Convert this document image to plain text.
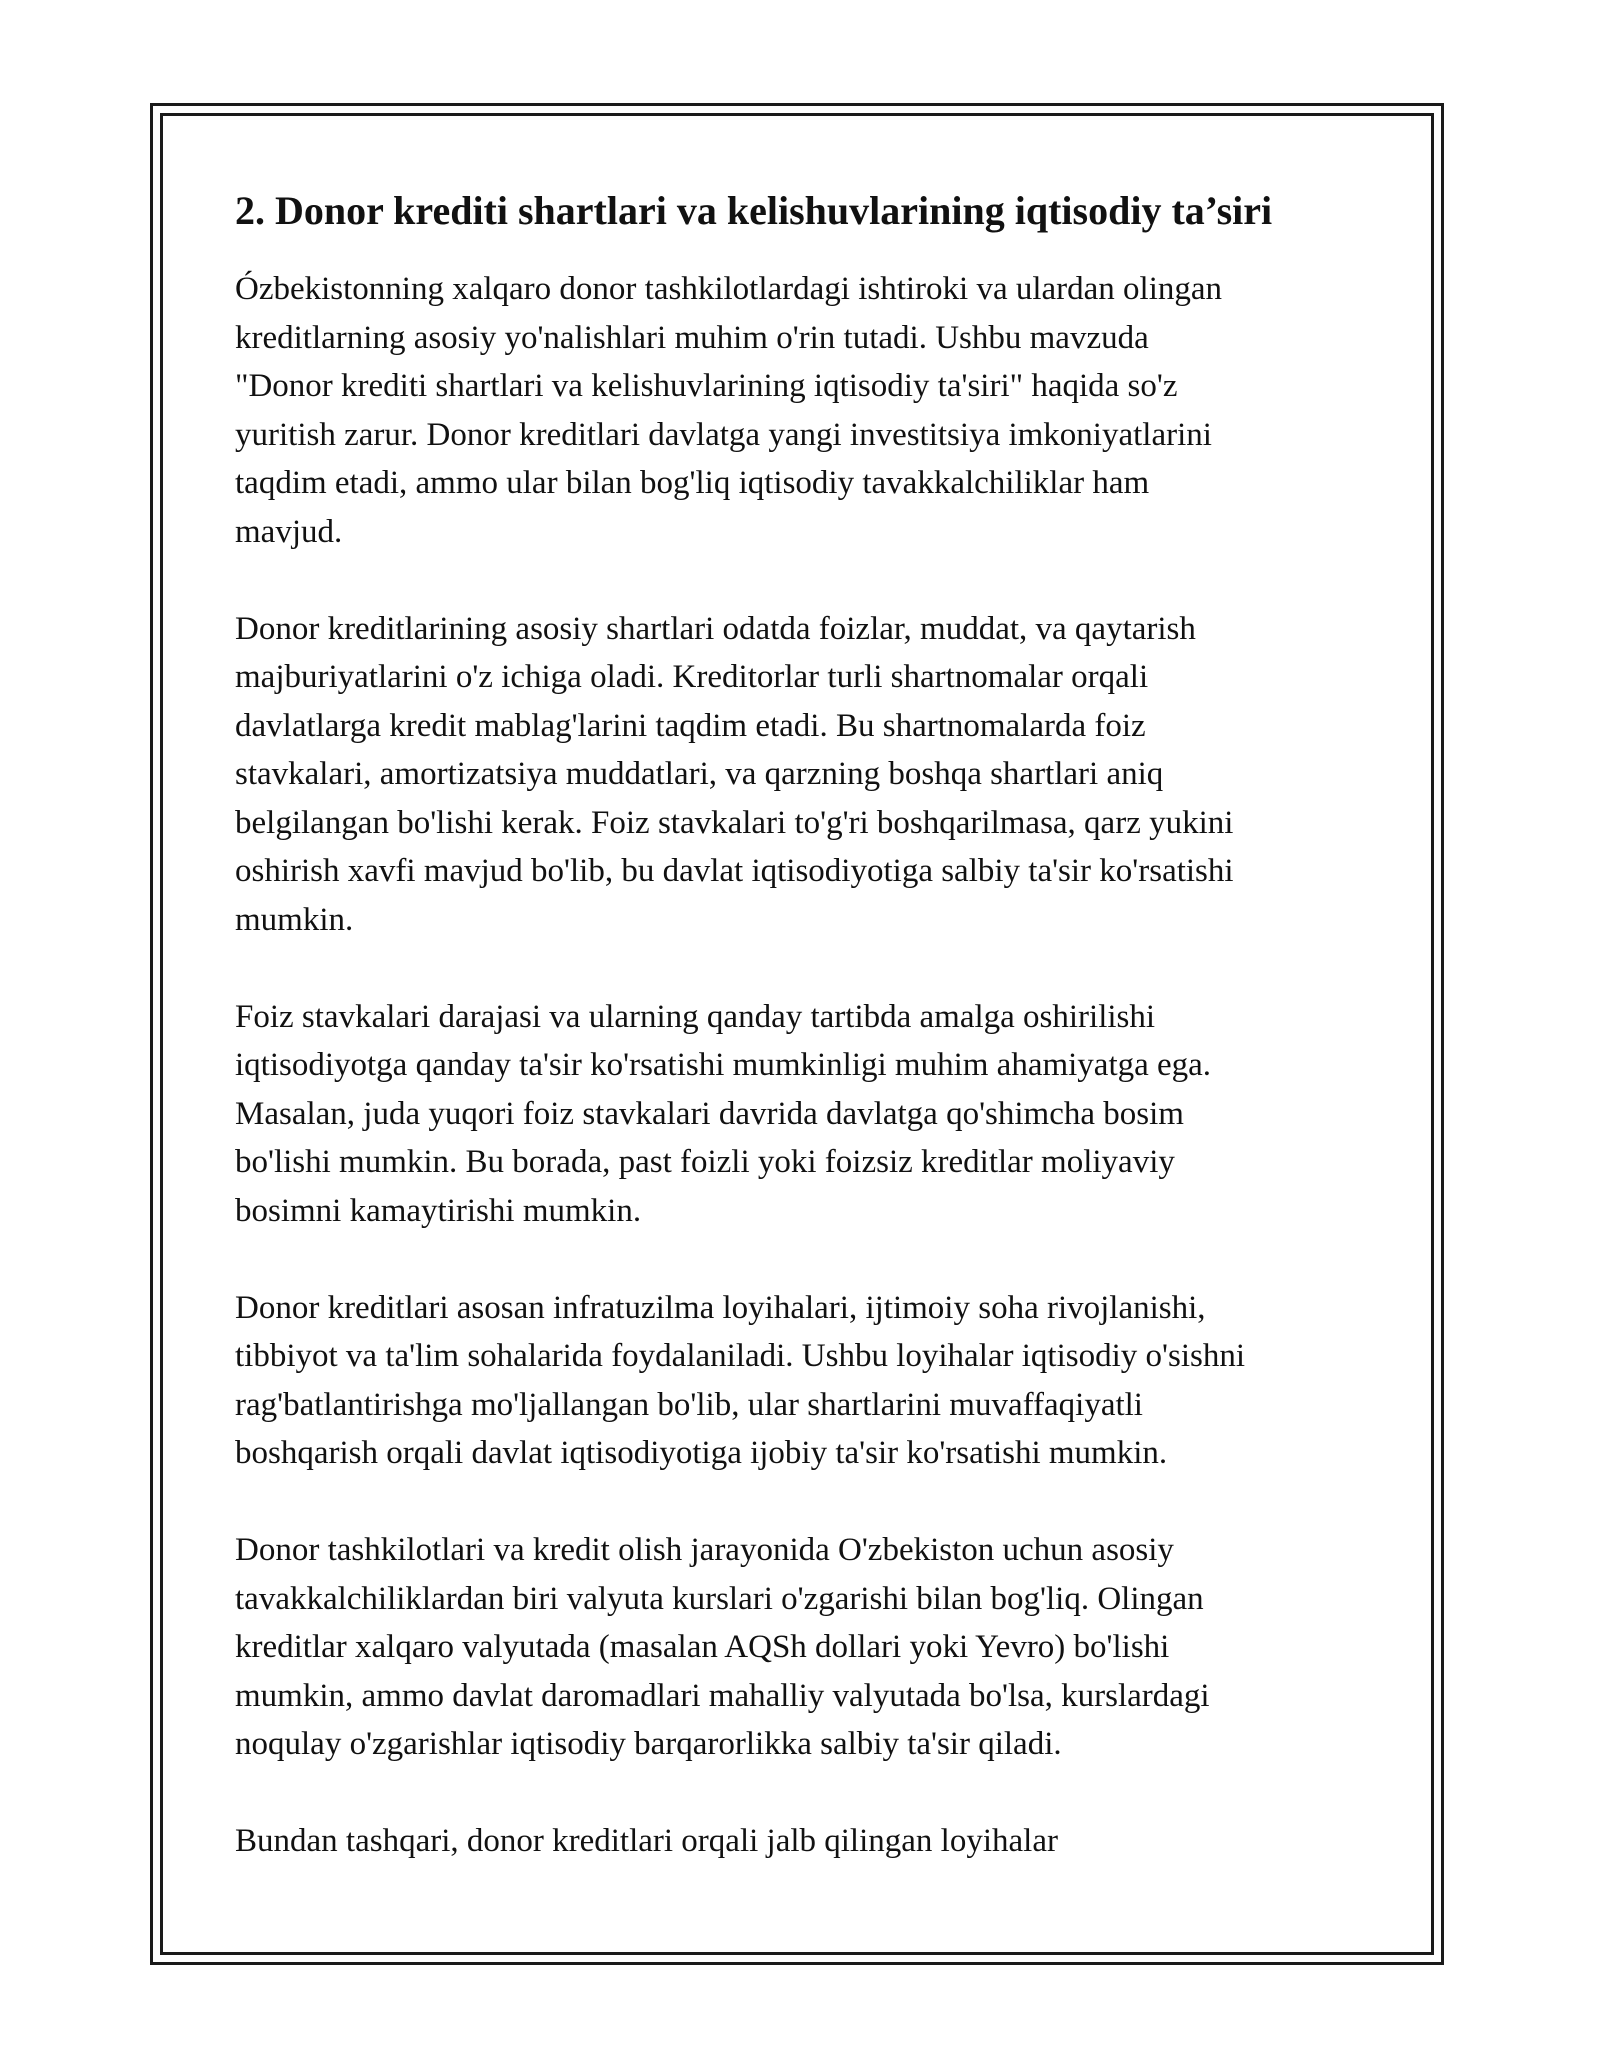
2. Donor krediti shartlari va kelishuvlarining iqtisodiy ta’siri

Ózbekistonning xalqaro donor tashkilotlardagi ishtiroki va ulardan olingan
kreditlarning asosiy yo'nalishlari muhim o'rin tutadi. Ushbu mavzuda
"Donor krediti shartlari va kelishuvlarining iqtisodiy ta'siri" haqida so'z
yuritish zarur. Donor kreditlari davlatga yangi investitsiya imkoniyatlarini
taqdim etadi, ammo ular bilan bog'liq iqtisodiy tavakkalchiliklar ham
mavjud.

Donor kreditlarining asosiy shartlari odatda foizlar, muddat, va qaytarish
majburiyatlarini o'z ichiga oladi. Kreditorlar turli shartnomalar orqali
davlatlarga kredit mablag'larini taqdim etadi. Bu shartnomalarda foiz
stavkalari, amortizatsiya muddatlari, va qarzning boshqa shartlari aniq
belgilangan bo'lishi kerak. Foiz stavkalari to'g'ri boshqarilmasa, qarz yukini
oshirish xavfi mavjud bo'lib, bu davlat iqtisodiyotiga salbiy ta'sir ko'rsatishi
mumkin.

Foiz stavkalari darajasi va ularning qanday tartibda amalga oshirilishi
iqtisodiyotga qanday ta'sir ko'rsatishi mumkinligi muhim ahamiyatga ega.
Masalan, juda yuqori foiz stavkalari davrida davlatga qo'shimcha bosim
bo'lishi mumkin. Bu borada, past foizli yoki foizsiz kreditlar moliyaviy
bosimni kamaytirishi mumkin.

Donor kreditlari asosan infratuzilma loyihalari, ijtimoiy soha rivojlanishi,
tibbiyot va ta'lim sohalarida foydalaniladi. Ushbu loyihalar iqtisodiy o'sishni
rag'batlantirishga mo'ljallangan bo'lib, ular shartlarini muvaffaqiyatli
boshqarish orqali davlat iqtisodiyotiga ijobiy ta'sir ko'rsatishi mumkin.

Donor tashkilotlari va kredit olish jarayonida O'zbekiston uchun asosiy
tavakkalchiliklardan biri valyuta kurslari o'zgarishi bilan bog'liq. Olingan
kreditlar xalqaro valyutada (masalan AQSh dollari yoki Yevro) bo'lishi
mumkin, ammo davlat daromadlari mahalliy valyutada bo'lsa, kurslardagi
noqulay o'zgarishlar iqtisodiy barqarorlikka salbiy ta'sir qiladi.

Bundan tashqari, donor kreditlari orqali jalb qilingan loyihalar
